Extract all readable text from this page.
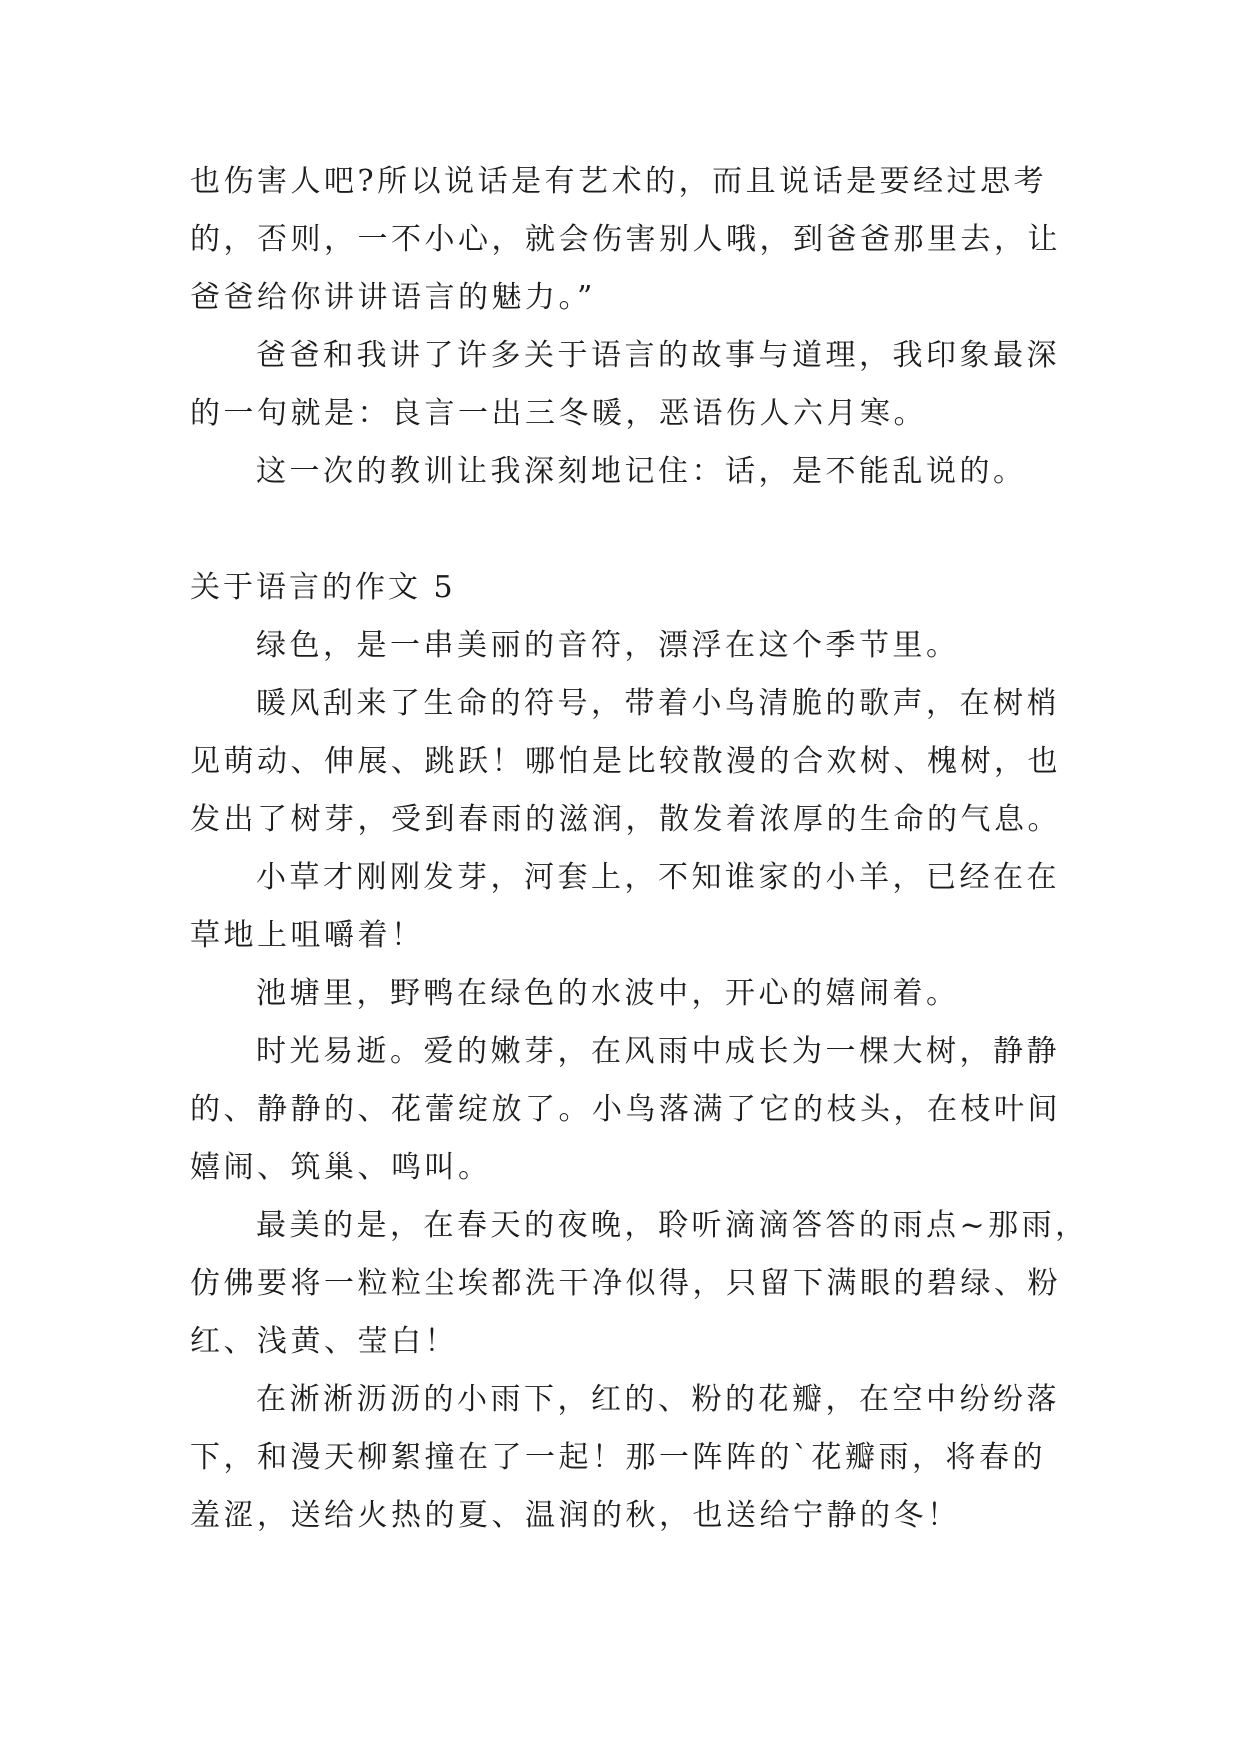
也伤害人吧?所以说话是有艺术的，而且说话是要经过思考
的，否则，一不小心，就会伤害别人哦，到爸爸那里去，让
爸爸给你讲讲语言的魅力。”

爸爸和我讲了许多关于语言的故事与道理，我印象最深
的一句就是：良言一出三冬暖，恶语伤人六月寒。

这一次的教训让我深刻地记住：话，是不能乱说的。

关于语言的作文 5

绿色，是一串美丽的音符，漂浮在这个季节里。

暖风刮来了生命的符号，带着小鸟清脆的歌声，在树梢
见萌动、伸展、跳跃！哪怕是比较散漫的合欢树、槐树，也
发出了树芽，受到春雨的滋润，散发着浓厚的生命的气息。

小草才刚刚发芽，河套上，不知谁家的小羊，已经在在
草地上咀嚼着！

池塘里，野鸭在绿色的水波中，开心的嬉闹着。

时光易逝。爱的嫩芽，在风雨中成长为一棵大树，静静
的、静静的、花蕾绽放了。小鸟落满了它的枝头，在枝叶间
嬉闹、筑巢、鸣叫。

最美的是，在春天的夜晚，聆听滴滴答答的雨点~那雨，
仿佛要将一粒粒尘埃都洗干净似得，只留下满眼的碧绿、粉
红、浅黄、莹白！

在淅淅沥沥的小雨下，红的、粉的花瓣，在空中纷纷落
下，和漫天柳絮撞在了一起！那一阵阵的`花瓣雨，将春的
羞涩，送给火热的夏、温润的秋，也送给宁静的冬！
